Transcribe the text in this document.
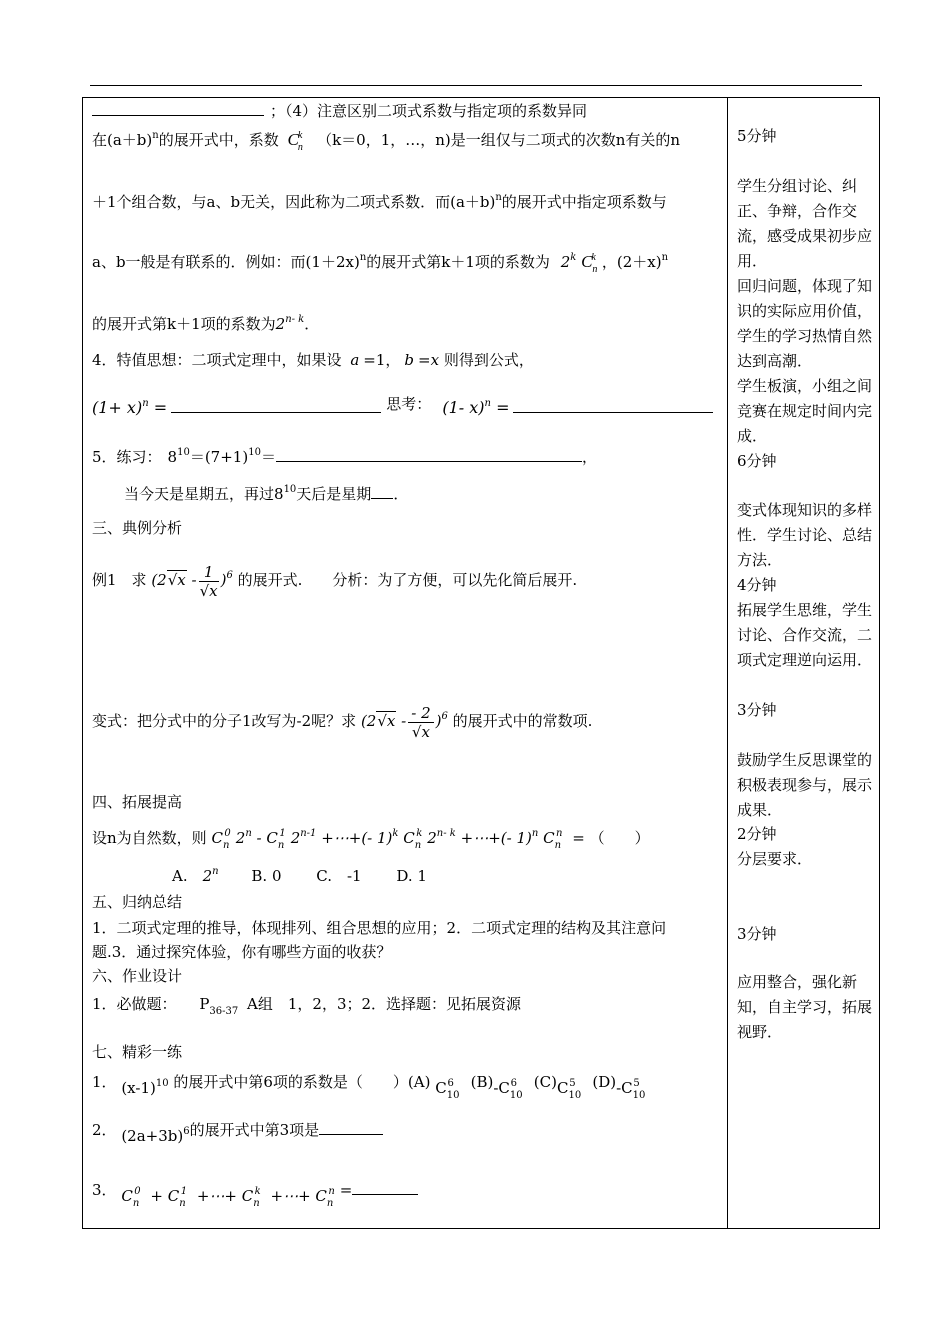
；（4）注意区别二项式系数与指定项的系数异同
在$(a+b)^n$的展开式中，系数 $C_n^k$ （k＝0，1，…，n)是一组仅与二项式的次数n有关的n
＋1个组合数，与a、b无关，因此称为二项式系数．而$(a+b)^n$的展开式中指定项系数与
a、b一般是有联系的．例如：而$(1+2x)^n$的展开式第k＋1项的系数为 2$^k$ $C_n^k$ ，$(2+x)^n$
的展开式第k＋1项的系数为2$^{n- k}$．
4．特值思想：二项式定理中，如果设 a =1， b =x 则得到公式，
$(1+ x)^n$ =	思考： (1- x)$^n$ =
5．练习： $8^{10}=(7+1)^{10}=$	，
当今天是星期五，再过$8^{10}$天后是星期 ．
三、典例分析
例1　求 $(2√x - \frac{1}{√x} )^6$ 的展开式.　　分析：为了方便，可以先化简后展开.
变式：把分式中的分子1改写为-2呢？求 $(2√x - \frac{- 2}{√x} )^6$ 的展开式中的常数项.
四、拓展提高
设n为自然数，则 $C_n^0$ $2^n - C_n^1$ $2^{n-1}$ +⋯+(- 1)$^k$ $C_n^k$ $2^{n- k}$ +⋯+(- 1)$^n$ $C_n^n$ = （　　）
A.　2$^n$ B. 0 C.　-1 D. 1
五、归纳总结
1．二项式定理的推导，体现排列、组合思想的应用；2．二项式定理的结构及其注意问
题.3．通过探究体验，你有哪些方面的收获？
六、作业设计
1．必做题： $P_{36-37}$ A组　1，2，3；2．选择题：见拓展资源
七、精彩一练
1． $(x-1)^{10}$ 的展开式中第6项的系数是（　　）(A) $C_{10}^6$ $(B)-C_{10}^6$ $(C)C_{10}^5$ $(D)-C_{10}^5$
2． $(2a+3b)^6$的展开式中第3项是
3． $C_n^0 + C_n^1$ +⋯+ $C_n^k$ +⋯+ $C_n^n$ =
5分钟
学生分组讨论、纠正、争辩，合作交流，感受成果初步应用．
回归问题，体现了知识的实际应用价值，学生的学习热情自然达到高潮．
学生板演，小组之间竞赛在规定时间内完成．
6分钟
变式体现知识的多样性．学生讨论、总结方法．
4分钟
拓展学生思维，学生讨论、合作交流，二项式定理逆向运用．
3分钟
鼓励学生反思课堂的积极表现参与，展示成果．
2分钟
分层要求．
3分钟
应用整合，强化新知，自主学习，拓展视野．
